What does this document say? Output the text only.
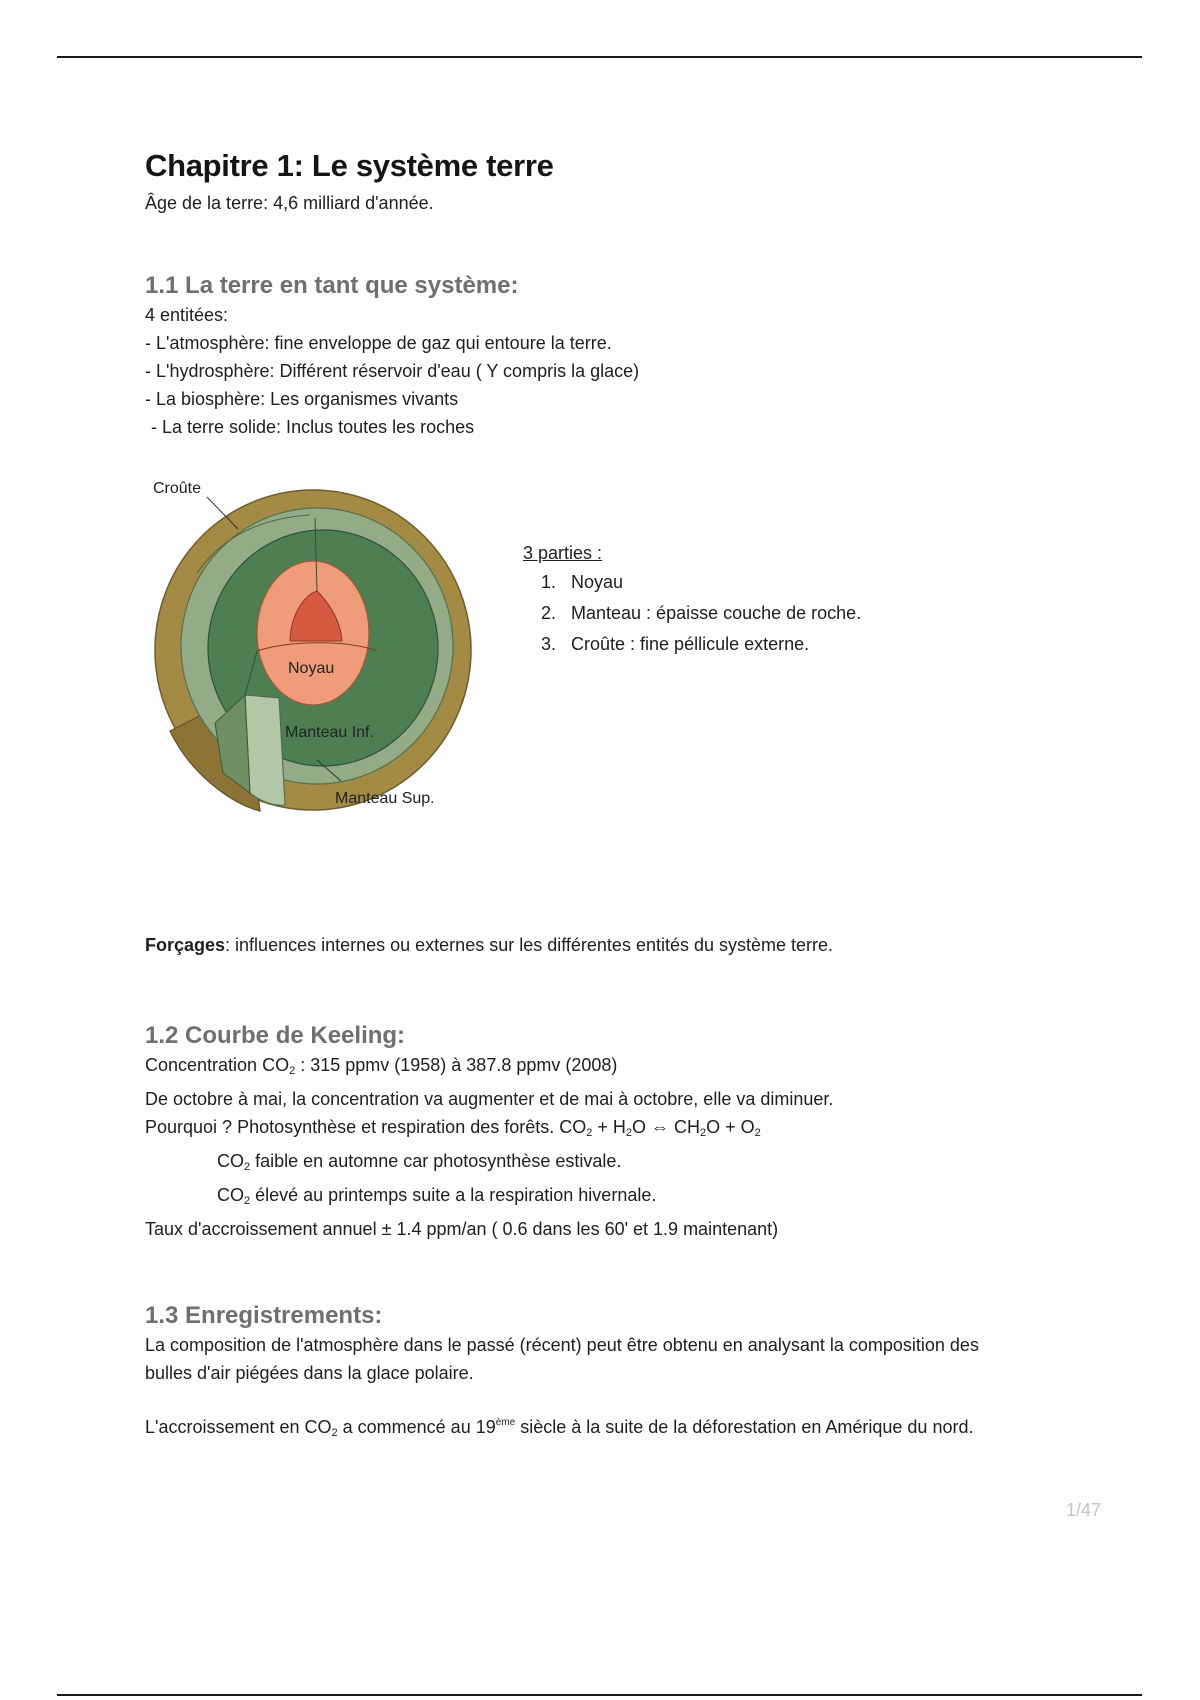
Chapitre 1: Le système terre

Âge de la terre: 4,6 milliard d'année.

1.1 La terre en tant que système:

4 entitées:

- L'atmosphère: fine enveloppe de gaz qui entoure la terre.

- L'hydrosphère: Différent réservoir d'eau ( Y compris la glace)

- La biosphère: Les organismes vivants

- La terre solide: Inclus toutes les roches

Croûte
Noyau
Manteau Inf.
Manteau Sup.
3 parties :
1. Noyau
2. Manteau : épaisse couche de roche.
3. Croûte : fine péllicule externe.

Forçages: influences internes ou externes sur les différentes entités du système terre.

1.2 Courbe de Keeling:

Concentration $CO_2$ : 315 ppmv (1958) à 387.8 ppmv (2008)

De octobre à mai, la concentration va augmenter et de mai à octobre, elle va diminuer.

Pourquoi ? Photosynthèse et respiration des forêts. $CO_2 + H_2O$ ⇔ $CH_2O + O_2$

$CO_2$ faible en automne car photosynthèse estivale.

$CO_2$ élevé au printemps suite a la respiration hivernale.

Taux d'accroissement annuel ± 1.4 ppm/an ( 0.6 dans les 60' et 1.9 maintenant)

1.3 Enregistrements:

La composition de l'atmosphère dans le passé (récent) peut être obtenu en analysant la composition des

bulles d'air piégées dans la glace polaire.

L'accroissement en $CO_2$ a commencé au 19ème siècle à la suite de la déforestation en Amérique du nord.

1/47
